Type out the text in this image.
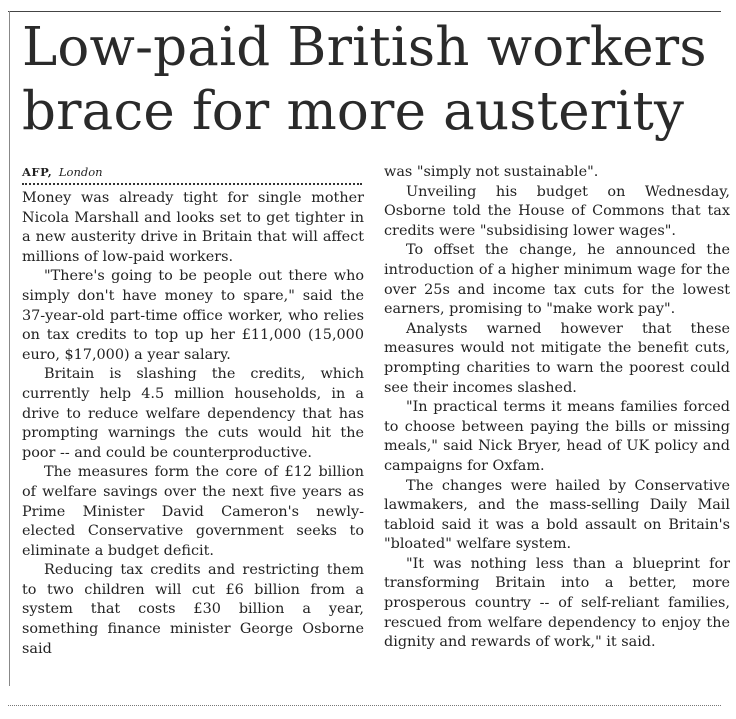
Low-paid British workers brace for more austerity
AFP, London

Money was already tight for single mother Nicola Marshall and looks set to get tighter in a new austerity drive in Britain that will affect millions of low-paid workers.

"There's going to be people out there who simply don't have money to spare," said the 37-year-old part-time office worker, who relies on tax credits to top up her £11,000 (15,000 euro, $17,000) a year salary.

Britain is slashing the credits, which currently help 4.5 million households, in a drive to reduce welfare dependency that has prompting warnings the cuts would hit the poor -- and could be counterproductive.

The measures form the core of £12 billion of welfare savings over the next five years as Prime Minister David Cameron's newly-elected Conservative government seeks to eliminate a budget deficit.

Reducing tax credits and restricting them to two children will cut £6 billion from a system that costs £30 billion a year, something finance minister George Osborne said

was "simply not sustainable".

Unveiling his budget on Wednesday, Osborne told the House of Commons that tax credits were "subsidising lower wages".

To offset the change, he announced the introduction of a higher minimum wage for the over 25s and income tax cuts for the lowest earners, promising to "make work pay".

Analysts warned however that these measures would not mitigate the benefit cuts, prompting charities to warn the poorest could see their incomes slashed.

"In practical terms it means families forced to choose between paying the bills or missing meals," said Nick Bryer, head of UK policy and campaigns for Oxfam.

The changes were hailed by Conservative lawmakers, and the mass-selling Daily Mail tabloid said it was a bold assault on Britain's "bloated" welfare system.

"It was nothing less than a blueprint for transforming Britain into a better, more prosperous country -- of self-reliant families, rescued from welfare dependency to enjoy the dignity and rewards of work," it said.
